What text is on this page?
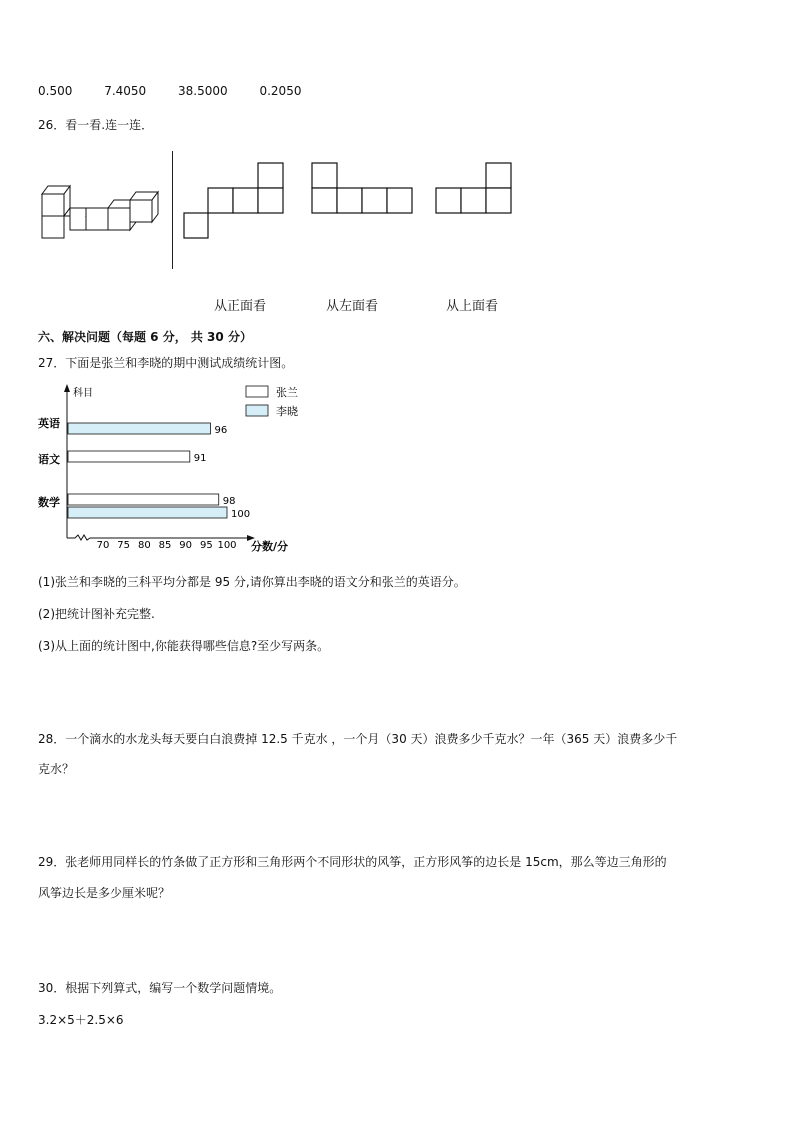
0.500	7.4050	38.5000	0.2050
26．看一看.连一连．
从正面看	从左面看	从上面看
六、解决问题（每题 6 分， 共 30 分）
27．下面是张兰和李晓的期中测试成绩统计图。
科目
分数/分
70 75 80 85 90 95 100
张兰
李晓
英语
语文
数学
96
91
98
100
(1)张兰和李晓的三科平均分都是 95 分,请你算出李晓的语文分和张兰的英语分。
(2)把统计图补充完整.
(3)从上面的统计图中,你能获得哪些信息?至少写两条。
28．一个滴水的水龙头每天要白白浪费掉 12.5 千克水 ，一个月（30 天）浪费多少千克水？一年（365 天）浪费多少千
克水？
29．张老师用同样长的竹条做了正方形和三角形两个不同形状的风筝，正方形风筝的边长是 15cm，那么等边三角形的
风筝边长是多少厘米呢？
30．根据下列算式，编写一个数学问题情境。
3.2×5＋2.5×6
